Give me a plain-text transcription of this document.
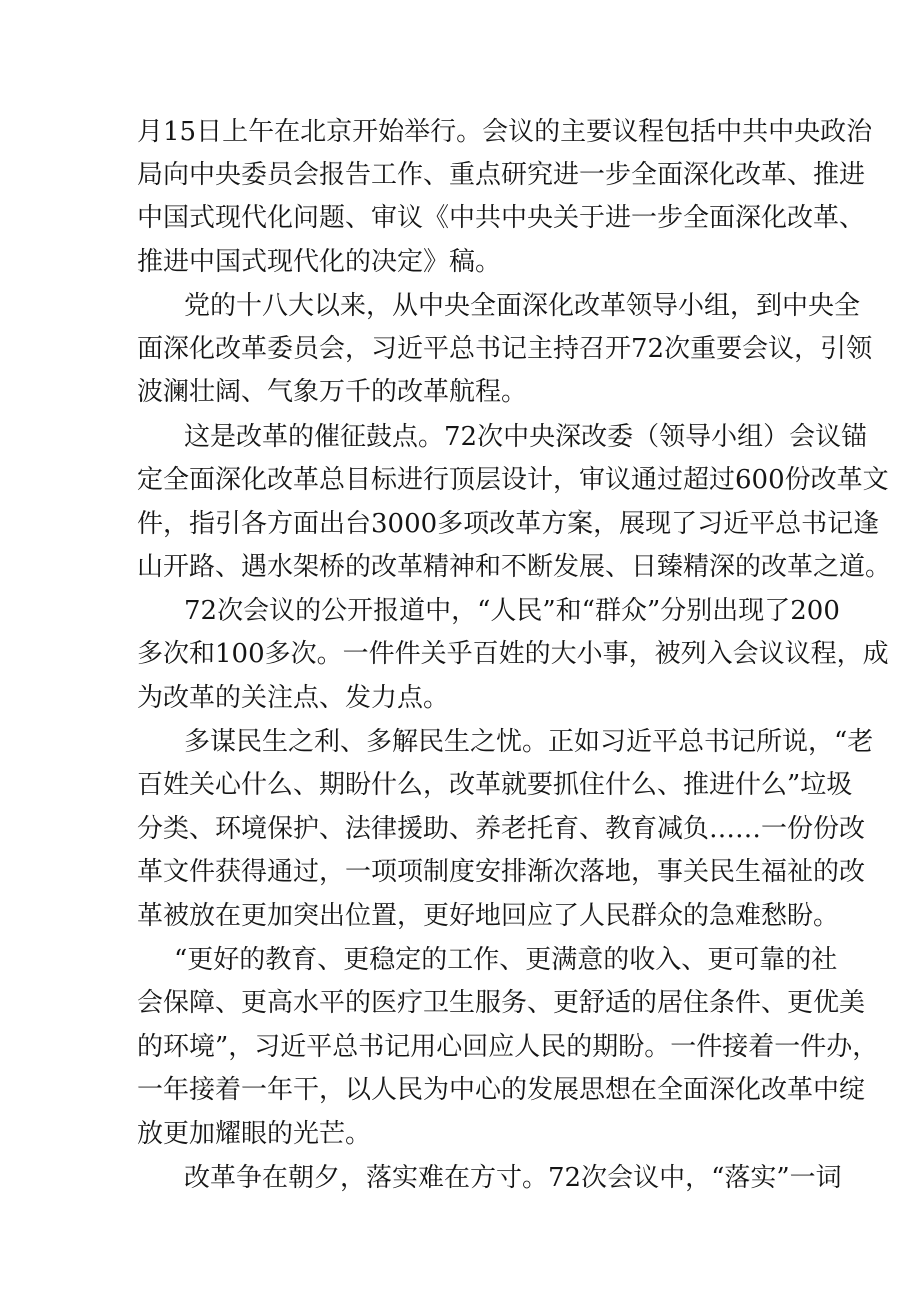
月15日上午在北京开始举行。会议的主要议程包括中共中央政治
局向中央委员会报告工作、重点研究进一步全面深化改革、推进
中国式现代化问题、审议《中共中央关于进一步全面深化改革、
推进中国式现代化的决定》稿。
党的十八大以来，从中央全面深化改革领导小组，到中央全
面深化改革委员会，习近平总书记主持召开72次重要会议，引领
波澜壮阔、气象万千的改革航程。
这是改革的催征鼓点。72次中央深改委（领导小组）会议锚
定全面深化改革总目标进行顶层设计，审议通过超过600份改革文
件，指引各方面出台3000多项改革方案，展现了习近平总书记逢
山开路、遇水架桥的改革精神和不断发展、日臻精深的改革之道。
72次会议的公开报道中，“人民”和“群众”分别出现了200
多次和100多次。一件件关乎百姓的大小事，被列入会议议程，成
为改革的关注点、发力点。
多谋民生之利、多解民生之忧。正如习近平总书记所说，“老
百姓关心什么、期盼什么，改革就要抓住什么、推进什么”垃圾
分类、环境保护、法律援助、养老托育、教育减负……一份份改
革文件获得通过，一项项制度安排渐次落地，事关民生福祉的改
革被放在更加突出位置，更好地回应了人民群众的急难愁盼。
“更好的教育、更稳定的工作、更满意的收入、更可靠的社
会保障、更高水平的医疗卫生服务、更舒适的居住条件、更优美
的环境”，习近平总书记用心回应人民的期盼。一件接着一件办，
一年接着一年干，以人民为中心的发展思想在全面深化改革中绽
放更加耀眼的光芒。
改革争在朝夕，落实难在方寸。72次会议中，“落实”一词
